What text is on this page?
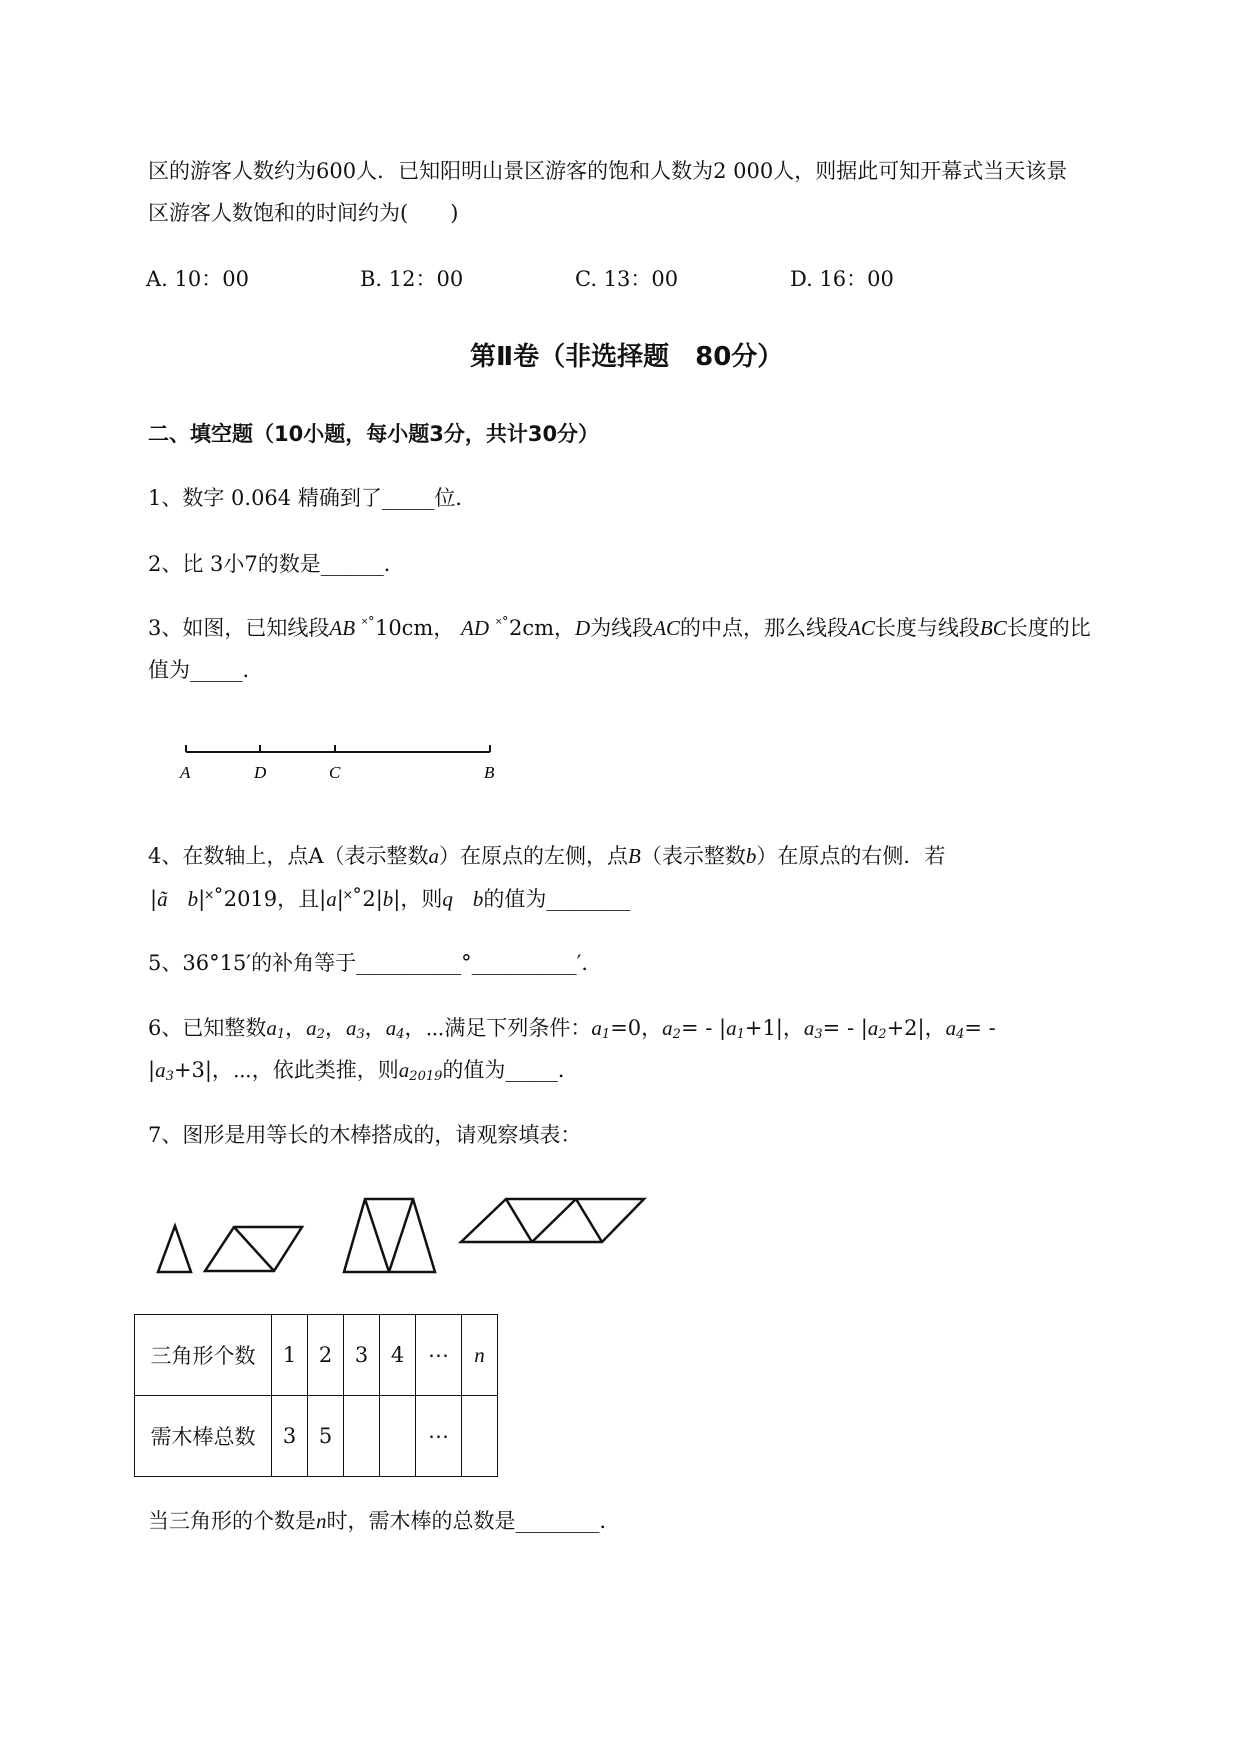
区的游客人数约为600人．已知阳明山景区游客的饱和人数为2 000人，则据此可知开幕式当天该景
区游客人数饱和的时间约为(　　)
A. 10：00	B. 12：00	C. 13：00	D. 16：00
第Ⅱ卷（非选择题　80分）
二、填空题（10小题，每小题3分，共计30分）
1、数字 0.064 精确到了_____位．
2、比 3小7的数是______．
3、如图，已知线段AB ˟˚10cm， AD ˟˚2cm，D为线段AC的中点，那么线段AC长度与线段BC长度的比
值为_____．
A	D	C	B
4、在数轴上，点A（表示整数a）在原点的左侧，点B（表示整数b）在原点的右侧．若
|ã b|˟˚2019，且|a|˟˚2|b|，则q b的值为________
5、36°15′的补角等于__________°__________′．
6、已知整数$a_1$，$a_2$，$a_3$，$a_4$，⋯满足下列条件：$a_1=0$，$a_2= - |a_1+1|$，$a_3= - |a_2+2|$，$a_4=$ -
$|a_3+3|$，⋯，依此类推，则$a_{2019}$的值为_____．
7、图形是用等长的木棒搭成的，请观察填表：
三角形个数	1	2	3	4	⋯	n
需木棒总数	3	5			⋯	
当三角形的个数是n时，需木棒的总数是________．
